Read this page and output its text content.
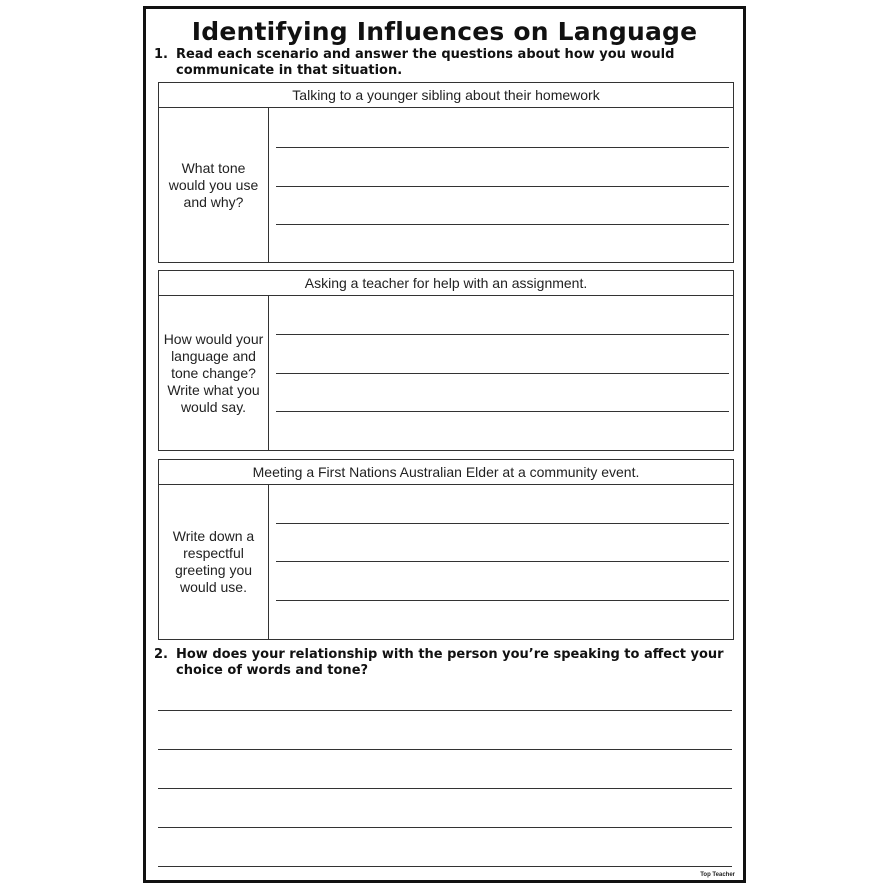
Identifying Influences on Language
1. Read each scenario and answer the questions about how you would communicate in that situation.
Talking to a younger sibling about their homework
What tone would you use and why?
Asking a teacher for help with an assignment.
How would your language and tone change? Write what you would say.
Meeting a First Nations Australian Elder at a community event.
Write down a respectful greeting you would use.
2. How does your relationship with the person you’re speaking to affect your choice of words and tone?
Top Teacher
